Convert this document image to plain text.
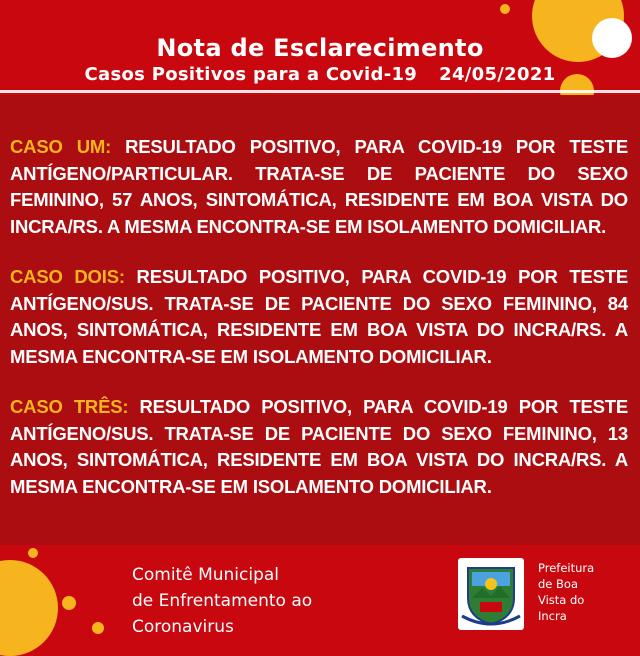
Nota de Esclarecimento
Casos Positivos para a Covid-19 24/05/2021
CASO UM: RESULTADO POSITIVO, PARA COVID-19 POR TESTE ANTÍGENO/PARTICULAR. TRATA-SE DE PACIENTE DO SEXO FEMININO, 57 ANOS, SINTOMÁTICA, RESIDENTE EM BOA VISTA DO INCRA/RS. A MESMA ENCONTRA-SE EM ISOLAMENTO DOMICILIAR.
CASO DOIS: RESULTADO POSITIVO, PARA COVID-19 POR TESTE ANTÍGENO/SUS. TRATA-SE DE PACIENTE DO SEXO FEMININO, 84 ANOS, SINTOMÁTICA, RESIDENTE EM BOA VISTA DO INCRA/RS. A MESMA ENCONTRA-SE EM ISOLAMENTO DOMICILIAR.
CASO TRÊS: RESULTADO POSITIVO, PARA COVID-19 POR TESTE ANTÍGENO/SUS. TRATA-SE DE PACIENTE DO SEXO FEMININO, 13 ANOS, SINTOMÁTICA, RESIDENTE EM BOA VISTA DO INCRA/RS. A MESMA ENCONTRA-SE EM ISOLAMENTO DOMICILIAR.
Comitê Municipal
de Enfrentamento ao
Coronavirus
Prefeitura
de Boa
Vista do
Incra
